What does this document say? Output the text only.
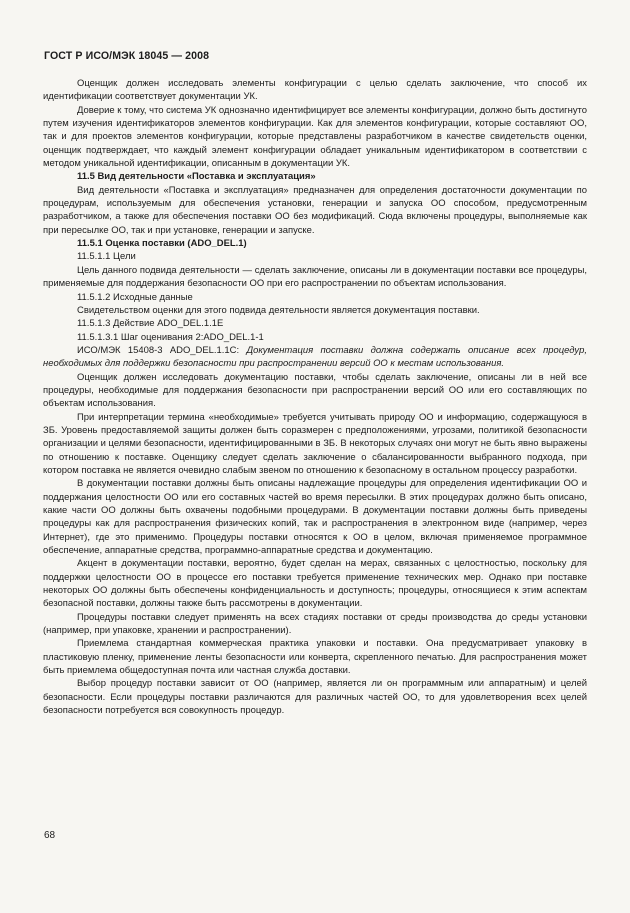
ГОСТ Р ИСО/МЭК 18045 — 2008

Оценщик должен исследовать элементы конфигурации с целью сделать заключение, что способ их идентификации соответствует документации УК.

Доверие к тому, что система УК однозначно идентифицирует все элементы конфигурации, должно быть достигнуто путем изучения идентификаторов элементов конфигурации. Как для элементов конфигурации, которые составляют ОО, так и для проектов элементов конфигурации, которые представлены разработчиком в качестве свидетельств оценки, оценщик подтверждает, что каждый элемент конфигурации обладает уникальным идентификатором в соответствии с методом уникальной идентификации, описанным в документации УК.

11.5 Вид деятельности «Поставка и эксплуатация»

Вид деятельности «Поставка и эксплуатация» предназначен для определения достаточности документации по процедурам, используемым для обеспечения установки, генерации и запуска ОО способом, предусмотренным разработчиком, а также для обеспечения поставки ОО без модификаций. Сюда включены процедуры, выполняемые как при пересылке ОО, так и при установке, генерации и запуске.

11.5.1 Оценка поставки (ADO_DEL.1)

11.5.1.1 Цели

Цель данного подвида деятельности — сделать заключение, описаны ли в документации поставки все процедуры, применяемые для поддержания безопасности ОО при его распространении по объектам использования.

11.5.1.2 Исходные данные

Свидетельством оценки для этого подвида деятельности является документация поставки.

11.5.1.3 Действие ADO_DEL.1.1E

11.5.1.3.1 Шаг оценивания 2:ADO_DEL.1-1

ИСО/МЭК 15408-3 ADO_DEL.1.1C: Документация поставки должна содержать описание всех процедур, необходимых для поддержки безопасности при распространении версий ОО к местам использования.

Оценщик должен исследовать документацию поставки, чтобы сделать заключение, описаны ли в ней все процедуры, необходимые для поддержания безопасности при распространении версий ОО или его составляющих по объектам использования.

При интерпретации термина «необходимые» требуется учитывать природу ОО и информацию, содержащуюся в ЗБ. Уровень предоставляемой защиты должен быть соразмерен с предположениями, угрозами, политикой безопасности организации и целями безопасности, идентифицированными в ЗБ. В некоторых случаях они могут не быть явно выражены по отношению к поставке. Оценщику следует сделать заключение о сбалансированности выбранного подхода, при котором поставка не является очевидно слабым звеном по отношению к безопасному в остальном процессу разработки.

В документации поставки должны быть описаны надлежащие процедуры для определения идентификации ОО и поддержания целостности ОО или его составных частей во время пересылки. В этих процедурах должно быть описано, какие части ОО должны быть охвачены подобными процедурами. В документации поставки должны быть приведены процедуры как для распространения физических копий, так и распространения в электронном виде (например, через Интернет), где это применимо. Процедуры поставки относятся к ОО в целом, включая применяемое программное обеспечение, аппаратные средства, программно-аппаратные средства и документацию.

Акцент в документации поставки, вероятно, будет сделан на мерах, связанных с целостностью, поскольку для поддержки целостности ОО в процессе его поставки требуется применение технических мер. Однако при поставке некоторых ОО должны быть обеспечены конфиденциальность и доступность; процедуры, относящиеся к этим аспектам безопасной поставки, должны также быть рассмотрены в документации.

Процедуры поставки следует применять на всех стадиях поставки от среды производства до среды установки (например, при упаковке, хранении и распространении).

Приемлема стандартная коммерческая практика упаковки и поставки. Она предусматривает упаковку в пластиковую пленку, применение ленты безопасности или конверта, скрепленного печатью. Для распространения может быть приемлема общедоступная почта или частная служба доставки.

Выбор процедур поставки зависит от ОО (например, является ли он программным или аппаратным) и целей безопасности. Если процедуры поставки различаются для различных частей ОО, то для удовлетворения всех целей безопасности потребуется вся совокупность процедур.

68
